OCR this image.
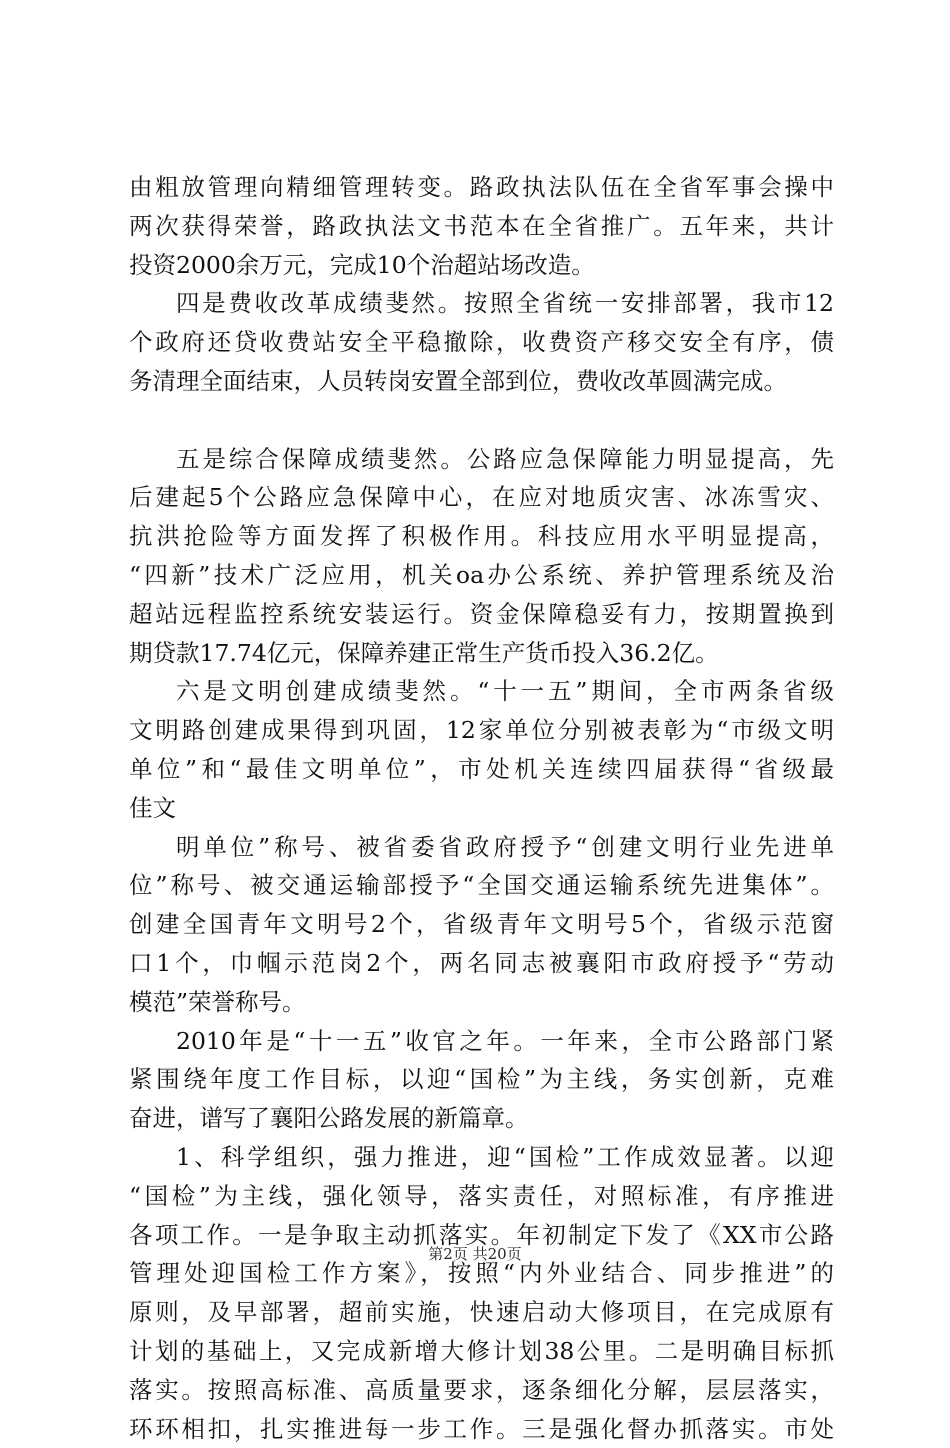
由粗放管理向精细管理转变。路政执法队伍在全省军事会操中
两次获得荣誉，路政执法文书范本在全省推广。五年来，共计
投资2000余万元，完成10个治超站场改造。
四是费收改革成绩斐然。按照全省统一安排部署，我市12
个政府还贷收费站安全平稳撤除，收费资产移交安全有序，债
务清理全面结束，人员转岗安置全部到位，费收改革圆满完成。
五是综合保障成绩斐然。公路应急保障能力明显提高，先
后建起5个公路应急保障中心，在应对地质灾害、冰冻雪灾、
抗洪抢险等方面发挥了积极作用。科技应用水平明显提高，
“四新”技术广泛应用，机关oa办公系统、养护管理系统及治
超站远程监控系统安装运行。资金保障稳妥有力，按期置换到
期贷款17.74亿元，保障养建正常生产货币投入36.2亿。
六是文明创建成绩斐然。“十一五”期间，全市两条省级
文明路创建成果得到巩固，12家单位分别被表彰为“市级文明
单位”和“最佳文明单位”，市处机关连续四届获得“省级最
佳文
明单位”称号、被省委省政府授予“创建文明行业先进单
位”称号、被交通运输部授予“全国交通运输系统先进集体”。
创建全国青年文明号2个，省级青年文明号5个，省级示范窗
口1个，巾帼示范岗2个，两名同志被襄阳市政府授予“劳动
模范”荣誉称号。
2010年是“十一五”收官之年。一年来，全市公路部门紧
紧围绕年度工作目标，以迎“国检”为主线，务实创新，克难
奋进，谱写了襄阳公路发展的新篇章。
1、科学组织，强力推进，迎“国检”工作成效显著。以迎
“国检”为主线，强化领导，落实责任，对照标准，有序推进
各项工作。一是争取主动抓落实。年初制定下发了《XX市公路
管理处迎国检工作方案》，按照“内外业结合、同步推进”的
原则，及早部署，超前实施，快速启动大修项目，在完成原有
计划的基础上，又完成新增大修计划38公里。二是明确目标抓
落实。按照高标准、高质量要求，逐条细化分解，层层落实，
环环相扣，扎实推进每一步工作。三是强化督办抓落实。市处
第2页 共20页
